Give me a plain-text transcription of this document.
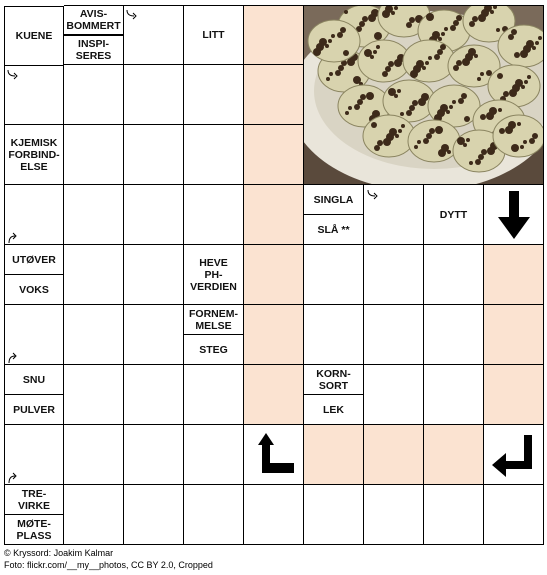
KUENE
AVIS-
BOMMERT
INSPI-
SERES
LITT
KJEMISK
FORBIND-
ELSE
SINGLA
SLÅ **
DYTT
UTØVER
VOKS
HEVE
PH-
VERDIEN
FORNEM-
MELSE
STEG
SNU
PULVER
KORN-
SORT
LEK
TRE-
VIRKE
MØTE-
PLASS
© Kryssord: Joakim Kalmar
Foto: flickr.com/__my__photos, CC BY 2.0, Cropped
